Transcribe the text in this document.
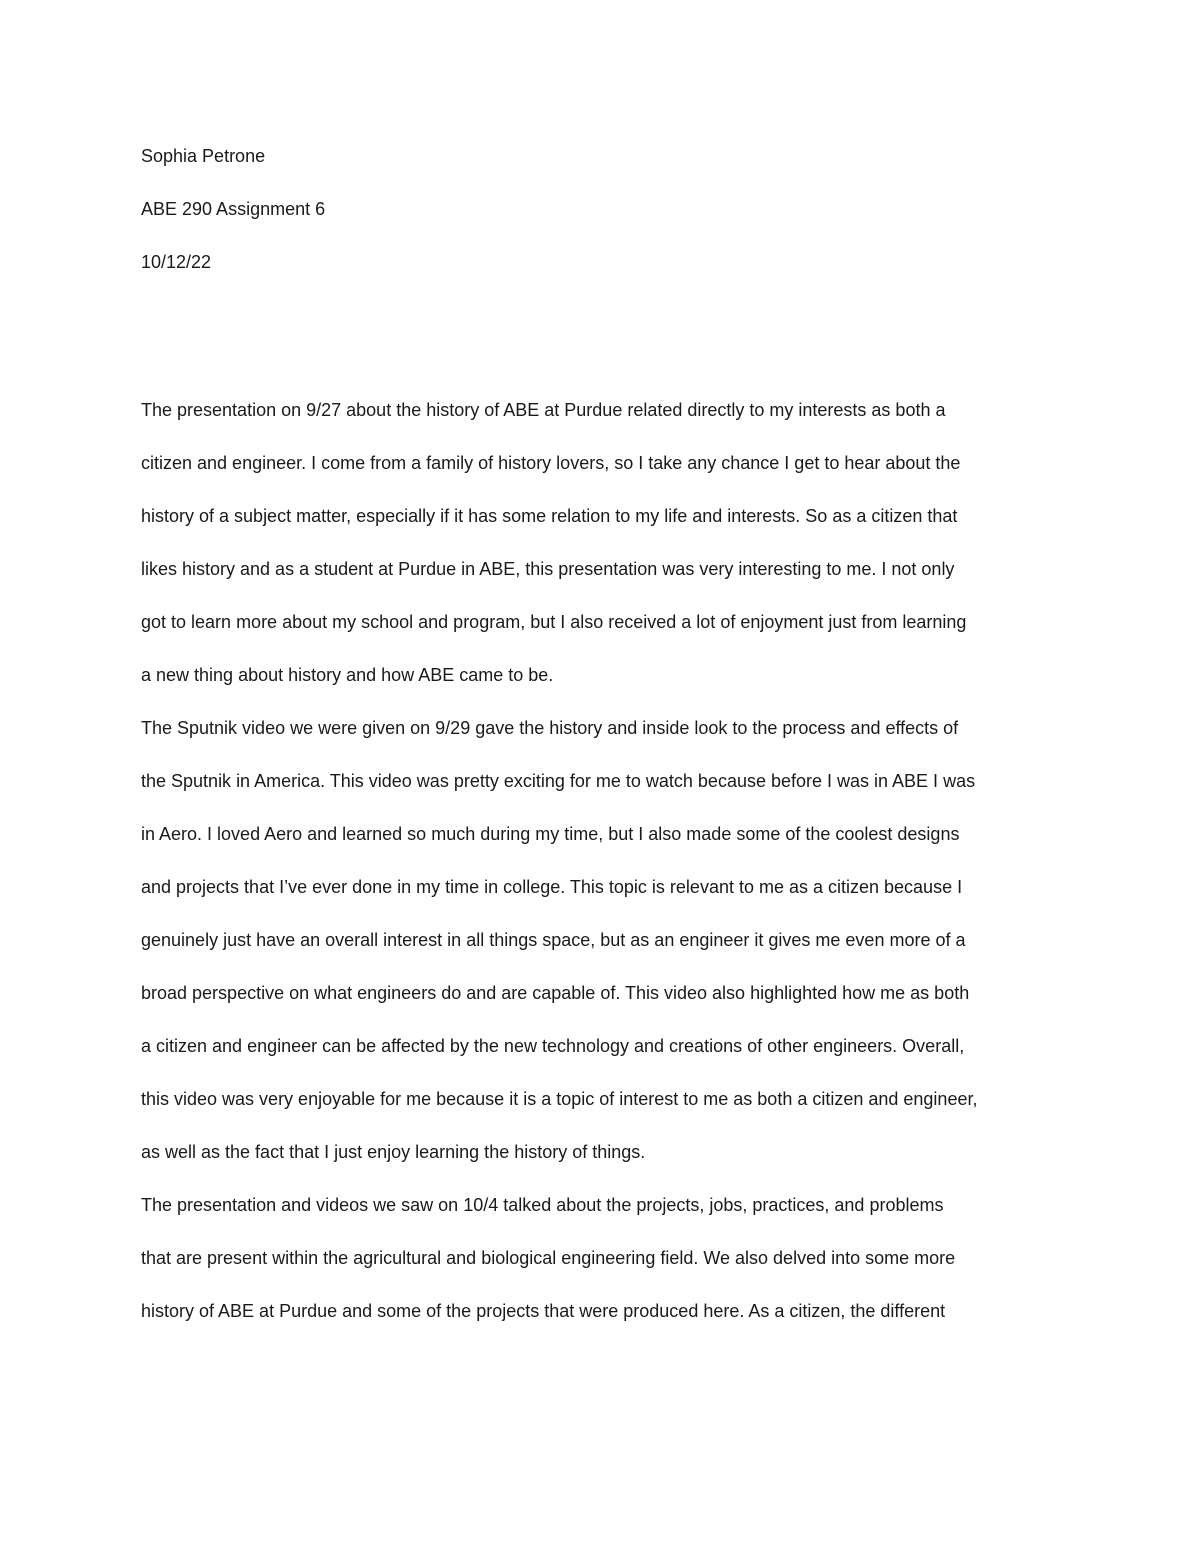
Sophia Petrone
ABE 290 Assignment 6
10/12/22
The presentation on 9/27 about the history of ABE at Purdue related directly to my interests as both a
citizen and engineer. I come from a family of history lovers, so I take any chance I get to hear about the
history of a subject matter, especially if it has some relation to my life and interests. So as a citizen that
likes history and as a student at Purdue in ABE, this presentation was very interesting to me. I not only
got to learn more about my school and program, but I also received a lot of enjoyment just from learning
a new thing about history and how ABE came to be.
The Sputnik video we were given on 9/29 gave the history and inside look to the process and effects of
the Sputnik in America. This video was pretty exciting for me to watch because before I was in ABE I was
in Aero. I loved Aero and learned so much during my time, but I also made some of the coolest designs
and projects that I’ve ever done in my time in college. This topic is relevant to me as a citizen because I
genuinely just have an overall interest in all things space, but as an engineer it gives me even more of a
broad perspective on what engineers do and are capable of. This video also highlighted how me as both
a citizen and engineer can be affected by the new technology and creations of other engineers. Overall,
this video was very enjoyable for me because it is a topic of interest to me as both a citizen and engineer,
as well as the fact that I just enjoy learning the history of things.
The presentation and videos we saw on 10/4 talked about the projects, jobs, practices, and problems
that are present within the agricultural and biological engineering field. We also delved into some more
history of ABE at Purdue and some of the projects that were produced here. As a citizen, the different
